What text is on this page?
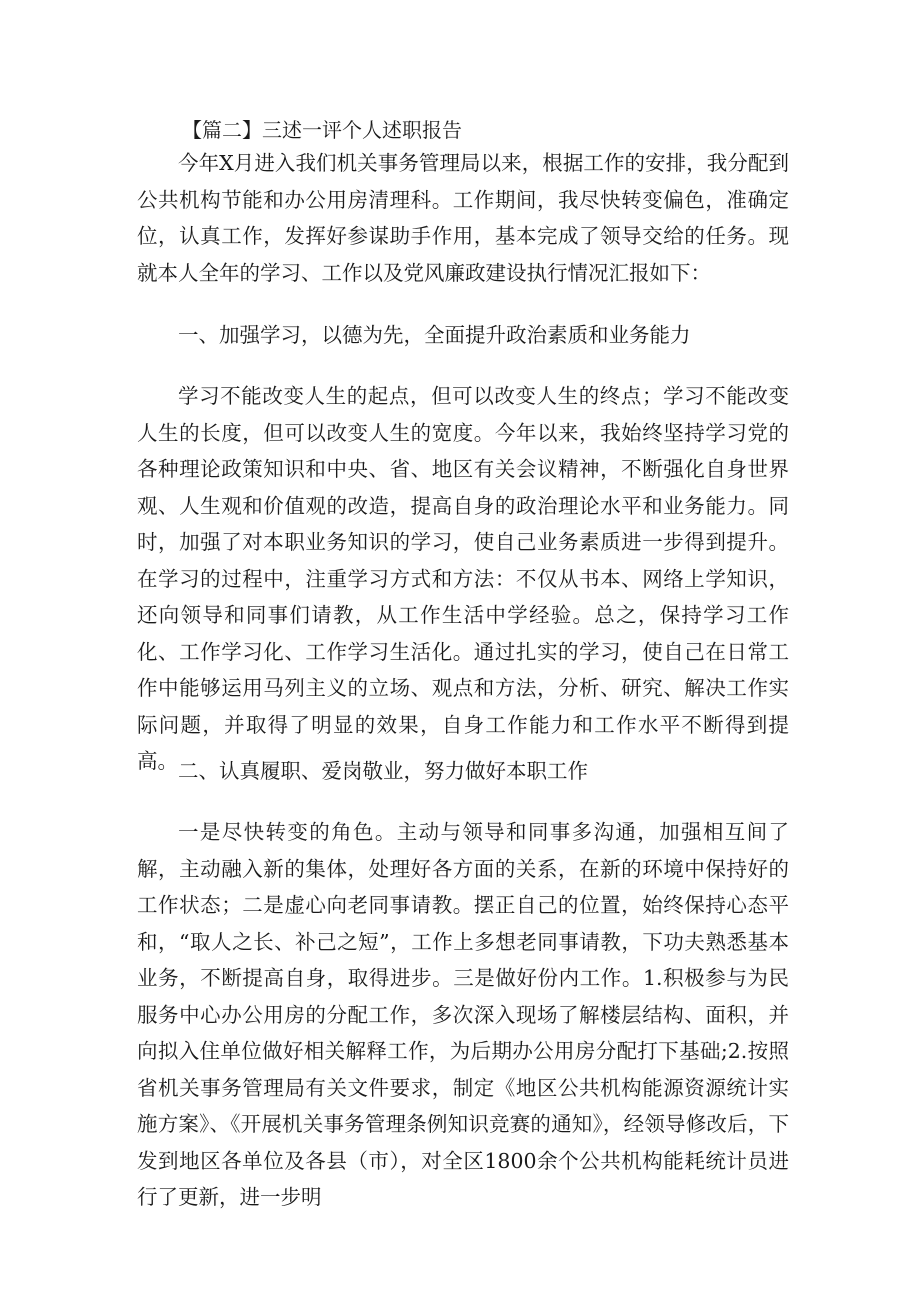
【篇二】三述一评个人述职报告

今年X月进入我们机关事务管理局以来，根据工作的安排，我分配到公共机构节能和办公用房清理科。工作期间，我尽快转变偏色，准确定位，认真工作，发挥好参谋助手作用，基本完成了领导交给的任务。现就本人全年的学习、工作以及党风廉政建设执行情况汇报如下：

一、加强学习，以德为先，全面提升政治素质和业务能力

学习不能改变人生的起点，但可以改变人生的终点；学习不能改变人生的长度，但可以改变人生的宽度。今年以来，我始终坚持学习党的各种理论政策知识和中央、省、地区有关会议精神，不断强化自身世界观、人生观和价值观的改造，提高自身的政治理论水平和业务能力。同时，加强了对本职业务知识的学习，使自己业务素质进一步得到提升。在学习的过程中，注重学习方式和方法：不仅从书本、网络上学知识，还向领导和同事们请教，从工作生活中学经验。总之，保持学习工作化、工作学习化、工作学习生活化。通过扎实的学习，使自己在日常工作中能够运用马列主义的立场、观点和方法，分析、研究、解决工作实际问题，并取得了明显的效果，自身工作能力和工作水平不断得到提高。 二、认真履职、爱岗敬业，努力做好本职工作

一是尽快转变的角色。主动与领导和同事多沟通，加强相互间了解，主动融入新的集体，处理好各方面的关系，在新的环境中保持好的工作状态；二是虚心向老同事请教。摆正自己的位置，始终保持心态平和，“取人之长、补己之短”，工作上多想老同事请教，下功夫熟悉基本业务，不断提高自身，取得进步。三是做好份内工作。1.积极参与为民服务中心办公用房的分配工作，多次深入现场了解楼层结构、面积，并向拟入住单位做好相关解释工作，为后期办公用房分配打下基础;2.按照省机关事务管理局有关文件要求，制定《地区公共机构能源资源统计实施方案》、《开展机关事务管理条例知识竞赛的通知》，经领导修改后，下发到地区各单位及各县（市），对全区1800余个公共机构能耗统计员进行了更新，进一步明
